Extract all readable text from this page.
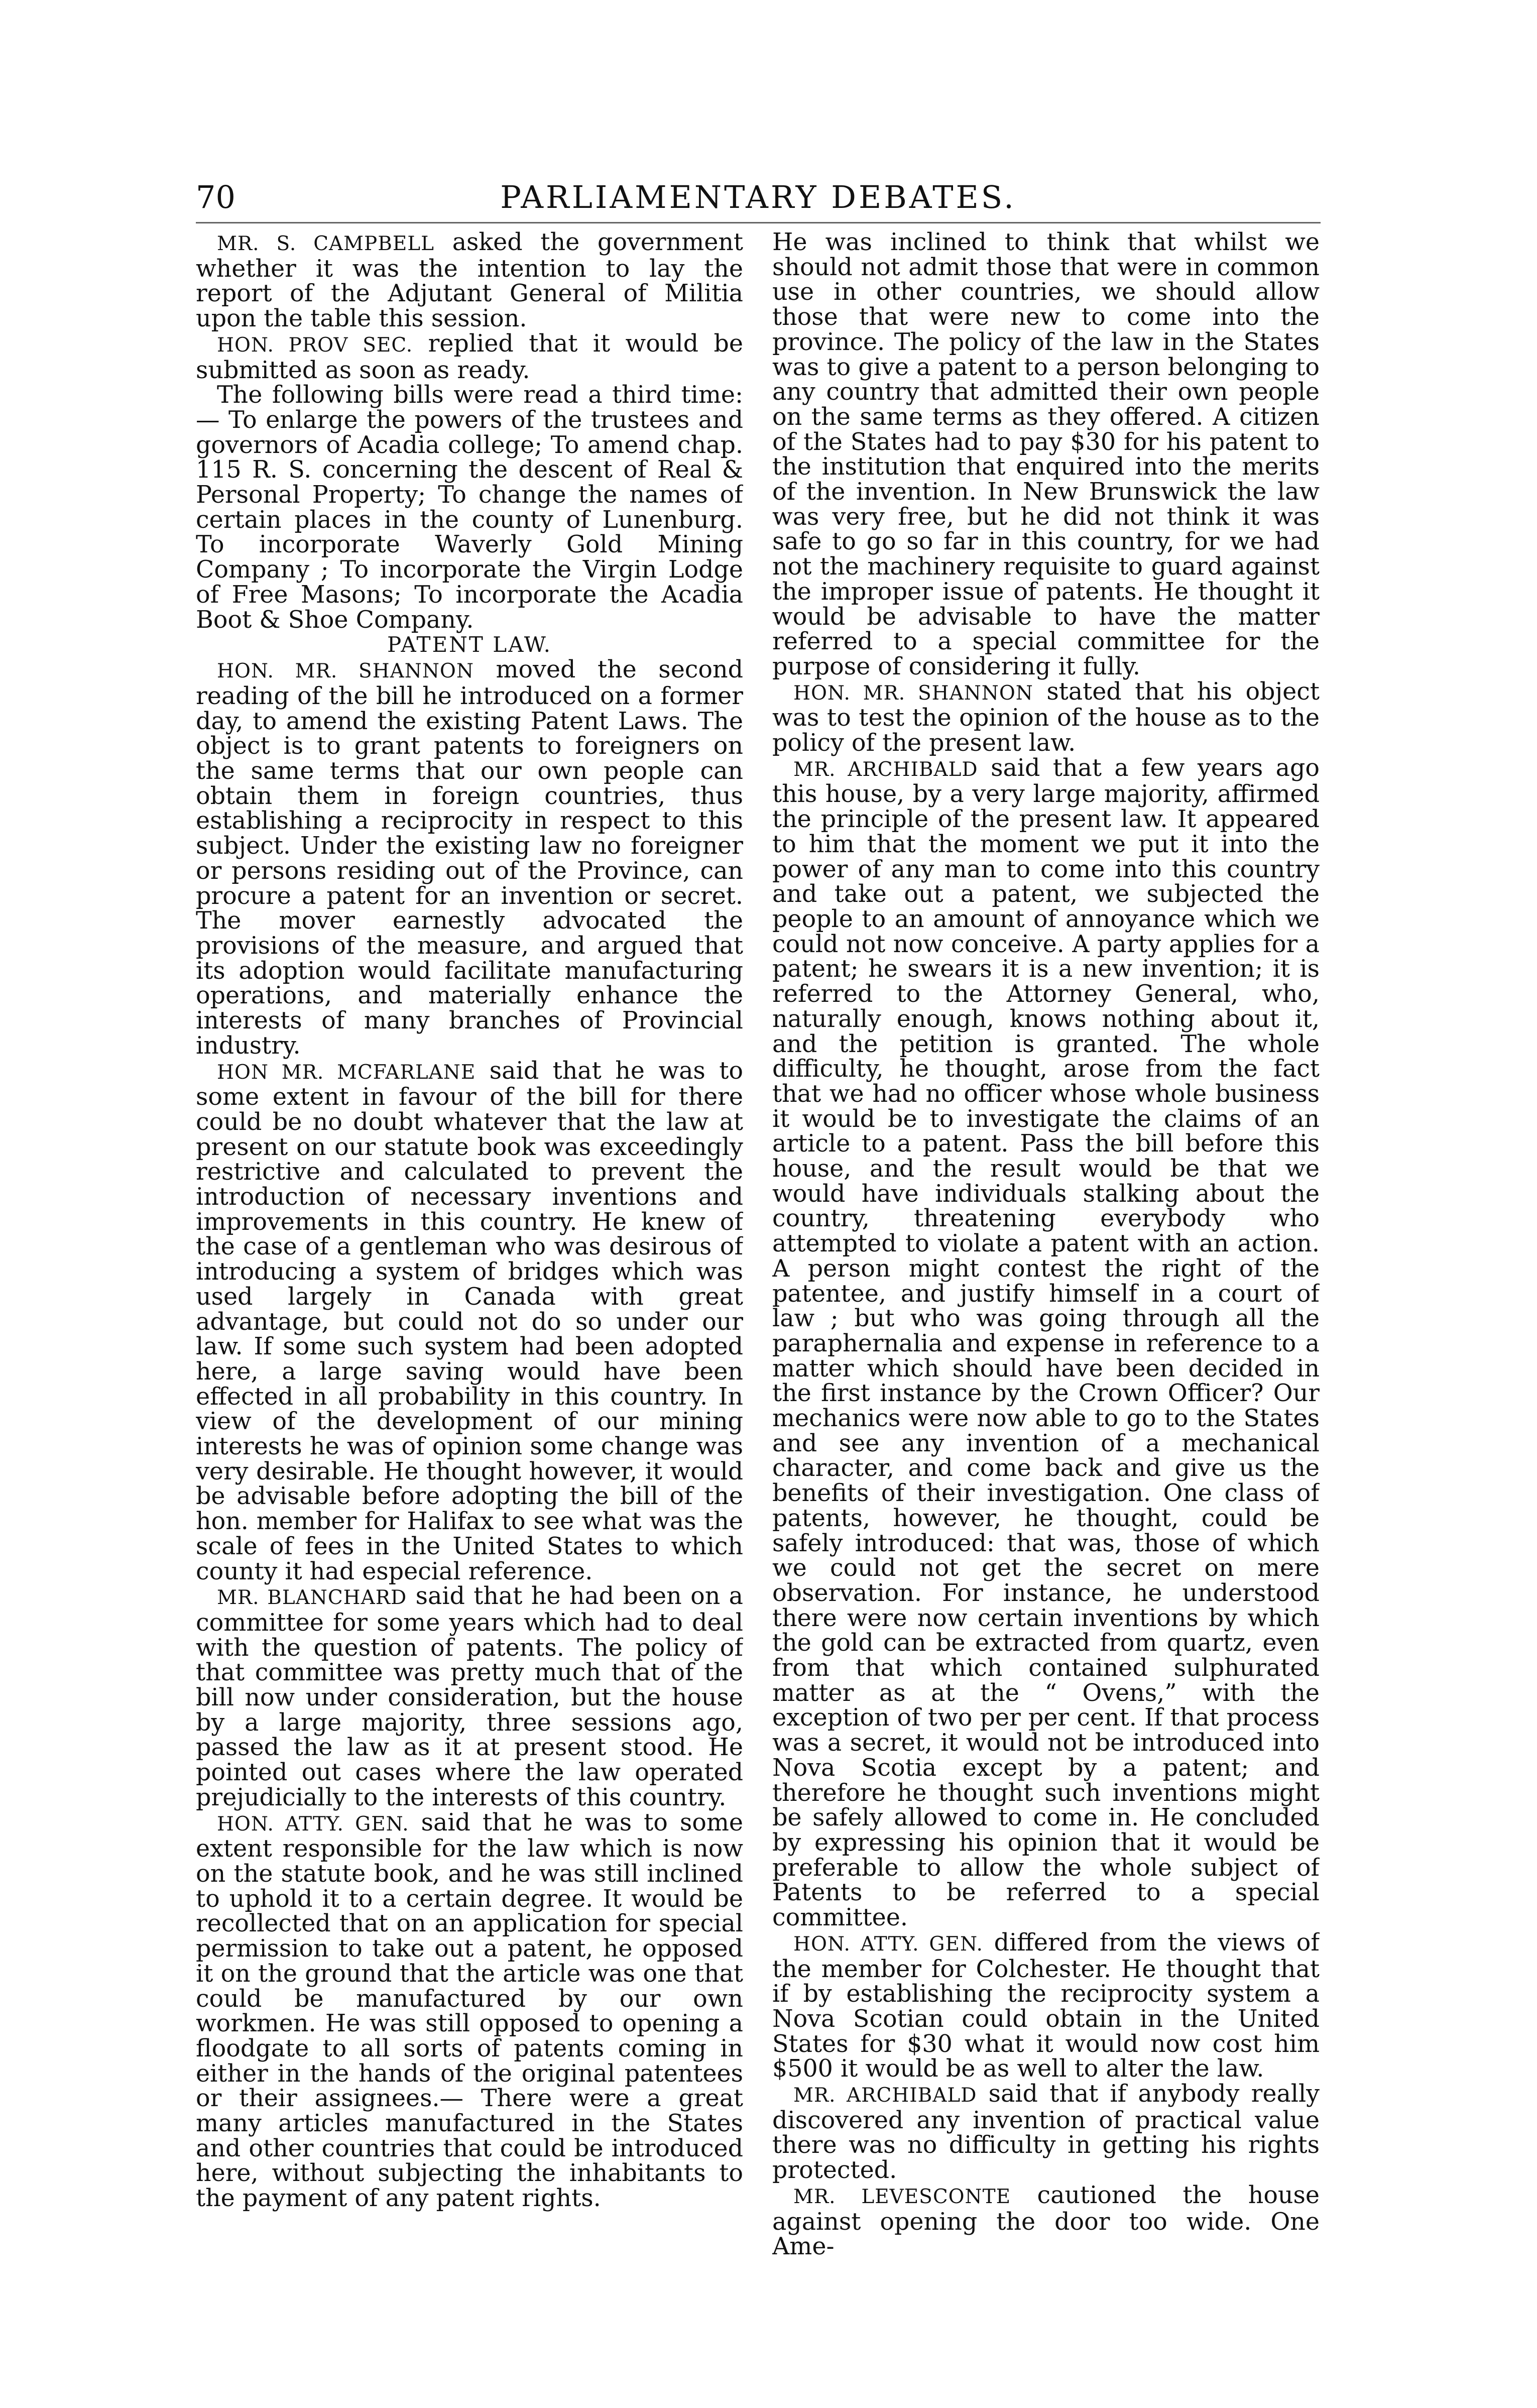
70	PARLIAMENTARY DEBATES.

MR. S. CAMPBELL asked the government whether it was the intention to lay the report of the Adjutant General of Militia upon the table this session.

HON. PROV SEC. replied that it would be submitted as soon as ready.

The following bills were read a third time:— To enlarge the powers of the trustees and governors of Acadia college; To amend chap. 115 R. S. concerning the descent of Real & Personal Property; To change the names of certain places in the county of Lunenburg. To incorporate Waverly Gold Mining Company ; To incorporate the Virgin Lodge of Free Masons; To incorporate the Acadia Boot & Shoe Company.

PATENT LAW.

HON. MR. SHANNON moved the second reading of the bill he introduced on a former day, to amend the existing Patent Laws. The object is to grant patents to foreigners on the same terms that our own people can obtain them in foreign countries, thus establishing a reciprocity in respect to this subject. Under the existing law no foreigner or persons residing out of the Province, can procure a patent for an invention or secret. The mover earnestly advocated the provisions of the measure, and argued that its adoption would facilitate manufacturing operations, and materially enhance the interests of many branches of Provincial industry.

HON MR. MCFARLANE said that he was to some extent in favour of the bill for there could be no doubt whatever that the law at present on our statute book was exceedingly restrictive and calculated to prevent the introduction of necessary inventions and improvements in this country. He knew of the case of a gentleman who was desirous of introducing a system of bridges which was used largely in Canada with great advantage, but could not do so under our law. If some such system had been adopted here, a large saving would have been effected in all probability in this country. In view of the development of our mining interests he was of opinion some change was very desirable. He thought however, it would be advisable before adopting the bill of the hon. member for Halifax to see what was the scale of fees in the United States to which county it had especial reference.

MR. BLANCHARD said that he had been on a committee for some years which had to deal with the question of patents. The policy of that committee was pretty much that of the bill now under consideration, but the house by a large majority, three sessions ago, passed the law as it at present stood. He pointed out cases where the law operated prejudicially to the interests of this country.

HON. ATTY. GEN. said that he was to some extent responsible for the law which is now on the statute book, and he was still inclined to uphold it to a certain degree. It would be recollected that on an application for special permission to take out a patent, he opposed it on the ground that the article was one that could be manufactured by our own workmen. He was still opposed to opening a floodgate to all sorts of patents coming in either in the hands of the original patentees or their assignees.— There were a great many articles manufactured in the States and other countries that could be introduced here, without subjecting the inhabitants to the payment of any patent rights.

He was inclined to think that whilst we should not admit those that were in common use in other countries, we should allow those that were new to come into the province. The policy of the law in the States was to give a patent to a person belonging to any country that admitted their own people on the same terms as they offered. A citizen of the States had to pay $30 for his patent to the institution that enquired into the merits of the invention. In New Brunswick the law was very free, but he did not think it was safe to go so far in this country, for we had not the machinery requisite to guard against the improper issue of patents. He thought it would be advisable to have the matter referred to a special committee for the purpose of considering it fully.

HON. MR. SHANNON stated that his object was to test the opinion of the house as to the policy of the present law.

MR. ARCHIBALD said that a few years ago this house, by a very large majority, affirmed the principle of the present law. It appeared to him that the moment we put it into the power of any man to come into this country and take out a patent, we subjected the people to an amount of annoyance which we could not now conceive. A party applies for a patent; he swears it is a new invention; it is referred to the Attorney General, who, naturally enough, knows nothing about it, and the petition is granted. The whole difficulty, he thought, arose from the fact that we had no officer whose whole business it would be to investigate the claims of an article to a patent. Pass the bill before this house, and the result would be that we would have individuals stalking about the country, threatening everybody who attempted to violate a patent with an action. A person might contest the right of the patentee, and justify himself in a court of law ; but who was going through all the paraphernalia and expense in reference to a matter which should have been decided in the first instance by the Crown Officer? Our mechanics were now able to go to the States and see any invention of a mechanical character, and come back and give us the benefits of their investigation. One class of patents, however, he thought, could be safely introduced: that was, those of which we could not get the secret on mere observation. For instance, he understood there were now certain inventions by which the gold can be extracted from quartz, even from that which contained sulphurated matter as at the “ Ovens,” with the exception of two per per cent. If that process was a secret, it would not be introduced into Nova Scotia except by a patent; and therefore he thought such inventions might be safely allowed to come in. He concluded by expressing his opinion that it would be preferable to allow the whole subject of Patents to be referred to a special committee.

HON. ATTY. GEN. differed from the views of the member for Colchester. He thought that if by establishing the reciprocity system a Nova Scotian could obtain in the United States for $30 what it would now cost him $500 it would be as well to alter the law.

MR. ARCHIBALD said that if anybody really discovered any invention of practical value there was no difficulty in getting his rights protected.

MR. LEVESCONTE cautioned the house against opening the door too wide. One Ame-
